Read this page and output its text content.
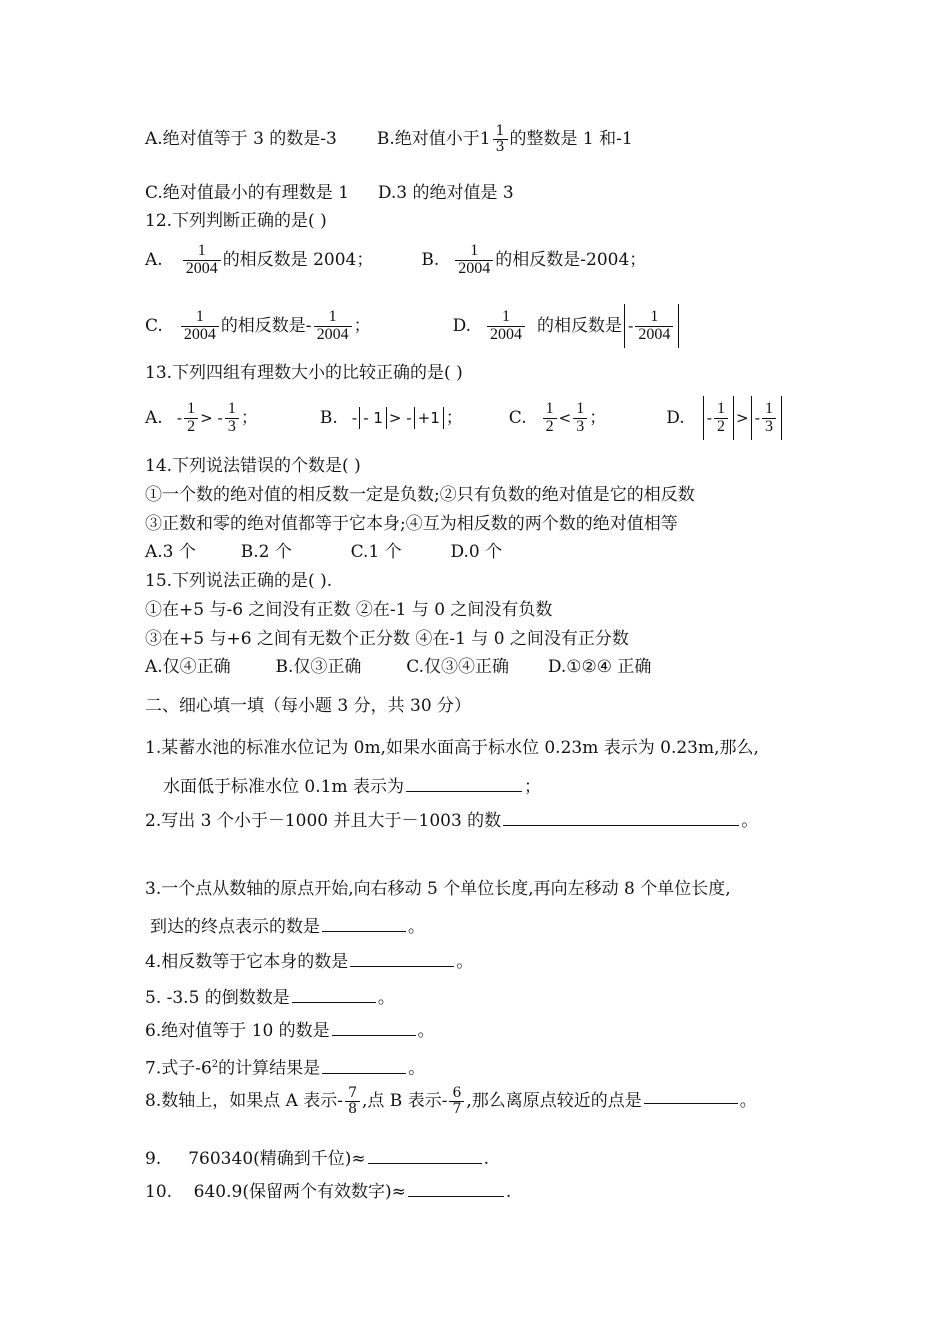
A.绝对值等于 3 的数是-3 B.绝对值小于 $1 \frac{1}{3}$ 的整数是 1 和-1
C.绝对值最小的有理数是 1 D.3 的绝对值是 3
12.下列判断正确的是( )
A. $\frac{1}{2004}$ 的相反数是 2004；	B. $\frac{1}{2004}$ 的相反数是-2004；
C. $\frac{1}{2004}$ 的相反数是- $\frac{1}{2004}$ ；	D. $\frac{1}{2004}$ 的相反数是 - $\frac{1}{2004}$
13.下列四组有理数大小的比较正确的是( )
A. - $\frac{1}{2}$ > - $\frac{1}{3}$ ；	B. - - 1 > - +1 ；	C. $\frac{1}{2} < \frac{1}{3}$ ；	D. - $\frac{1}{2}$ > - $\frac{1}{3}$
14.下列说法错误的个数是( )
①一个数的绝对值的相反数一定是负数;②只有负数的绝对值是它的相反数
③正数和零的绝对值都等于它本身;④互为相反数的两个数的绝对值相等
A.3 个	B.2 个	C.1 个	D.0 个
15.下列说法正确的是( ).
①在+5 与-6 之间没有正数 ②在-1 与 0 之间没有负数
③在+5 与+6 之间有无数个正分数 ④在-1 与 0 之间没有正分数
A.仅④正确	B.仅③正确	C.仅③④正确 D.①②④ 正确
二、细心填一填（每小题 3 分，共 30 分）
1.某蓄水池的标准水位记为 0m,如果水面高于标水位 0.23m 表示为 0.23m,那么,
水面低于标准水位 0.1m 表示为	；
2.写出 3 个小于－1000 并且大于－1003 的数	。
3.一个点从数轴的原点开始,向右移动 5 个单位长度,再向左移动 8 个单位长度,
到达的终点表示的数是	。
4.相反数等于它本身的数是	。
5. -3.5 的倒数数是	。
6.绝对值等于 10 的数是	。
7.式子$-6^2$的计算结果是	。
8.数轴上，如果点 A 表示- $\frac{7}{8}$ ,点 B 表示- $\frac{6}{7}$ ,那么离原点较近的点是	。
9.     760340(精确到千位)≈	.
10.    640.9(保留两个有效数字)≈	.
